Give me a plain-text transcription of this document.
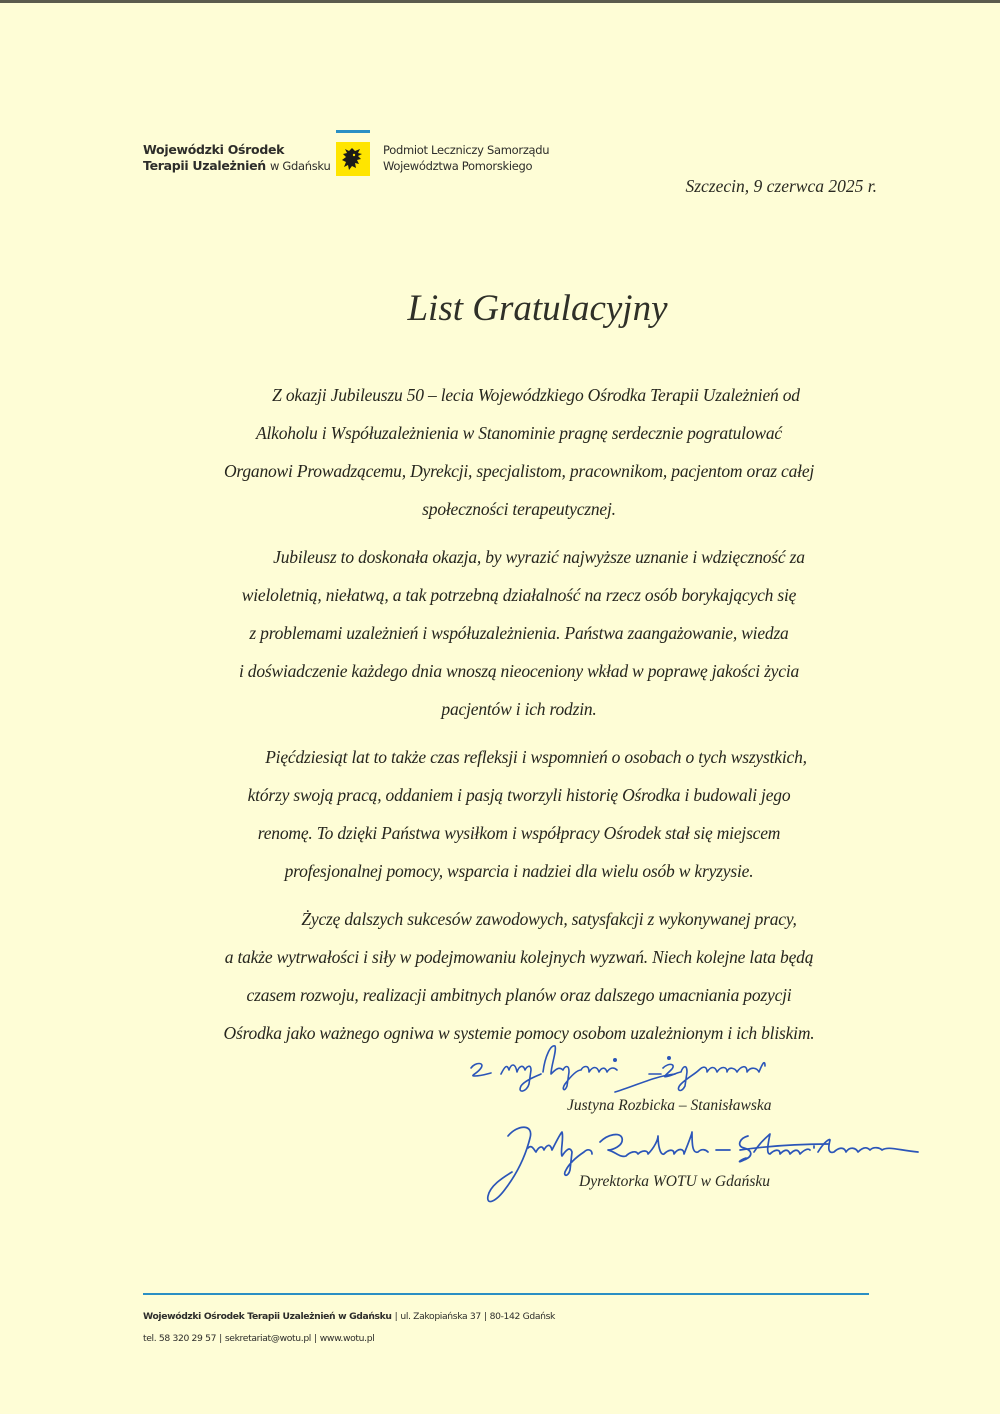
Wojewódzki Ośrodek
Terapii Uzależnień w Gdańsku
Podmiot Leczniczy Samorządu
Województwa Pomorskiego
Szczecin, 9 czerwca 2025 r.
List Gratulacyjny

Z okazji Jubileuszu 50 – lecia Wojewódzkiego Ośrodka Terapii Uzależnień od
Alkoholu i Współuzależnienia w Stanominie pragnę serdecznie pogratulować
Organowi Prowadzącemu, Dyrekcji, specjalistom, pracownikom, pacjentom oraz całej
społeczności terapeutycznej.

Jubileusz to doskonała okazja, by wyrazić najwyższe uznanie i wdzięczność za
wieloletnią, niełatwą, a tak potrzebną działalność na rzecz osób borykających się
z problemami uzależnień i współuzależnienia. Państwa zaangażowanie, wiedza
i doświadczenie każdego dnia wnoszą nieoceniony wkład w poprawę jakości życia
pacjentów i ich rodzin.

Pięćdziesiąt lat to także czas refleksji i wspomnień o osobach o tych wszystkich,
którzy swoją pracą, oddaniem i pasją tworzyli historię Ośrodka i budowali jego
renomę. To dzięki Państwa wysiłkom i współpracy Ośrodek stał się miejscem
profesjonalnej pomocy, wsparcia i nadziei dla wielu osób w kryzysie.

Życzę dalszych sukcesów zawodowych, satysfakcji z wykonywanej pracy,
a także wytrwałości i siły w podejmowaniu kolejnych wyzwań. Niech kolejne lata będą
czasem rozwoju, realizacji ambitnych planów oraz dalszego umacniania pozycji
Ośrodka jako ważnego ogniwa w systemie pomocy osobom uzależnionym i ich bliskim.

Justyna Rozbicka – Stanisławska
Dyrektorka WOTU w Gdańsku
Wojewódzki Ośrodek Terapii Uzależnień w Gdańsku | ul. Zakopiańska 37 | 80-142 Gdańsk
tel. 58 320 29 57 | sekretariat@wotu.pl | www.wotu.pl
